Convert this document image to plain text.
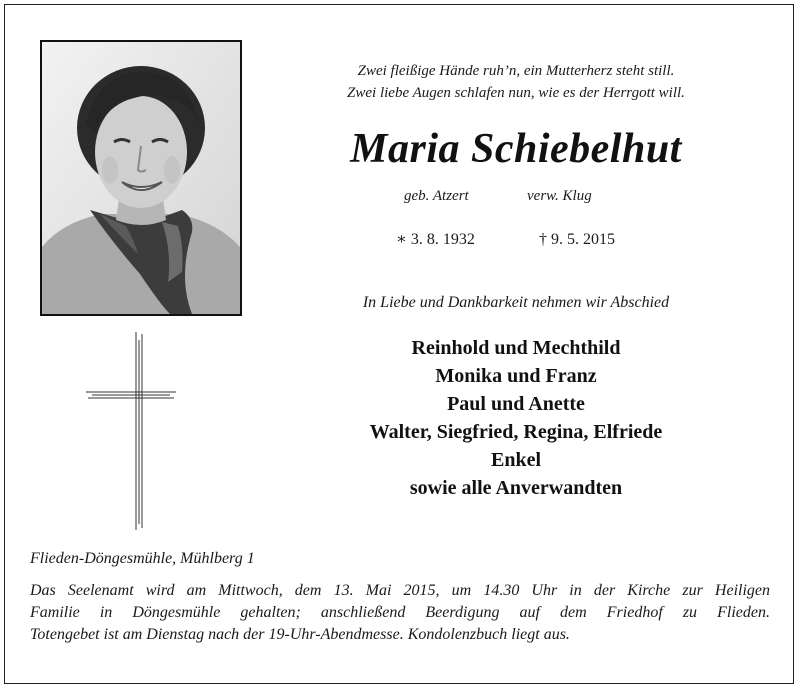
Zwei fleißige Hände ruh’n, ein Mutterherz steht still.
Zwei liebe Augen schlafen nun, wie es der Herrgott will.
Maria Schiebelhut
geb. Atzert	verw. Klug
∗ 3. 8. 1932	† 9. 5. 2015
In Liebe und Dankbarkeit nehmen wir Abschied
Reinhold und Mechthild
Monika und Franz
Paul und Anette
Walter, Siegfried, Regina, Elfriede
Enkel
sowie alle Anverwandten
Flieden-Döngesmühle, Mühlberg 1
Das Seelenamt wird am Mittwoch, dem 13. Mai 2015, um 14.30 Uhr in der Kirche zur Heiligen
Familie in Döngesmühle gehalten; anschließend Beerdigung auf dem Friedhof zu Flieden.
Totengebet ist am Dienstag nach der 19-Uhr-Abendmesse. Kondolenzbuch liegt aus.
